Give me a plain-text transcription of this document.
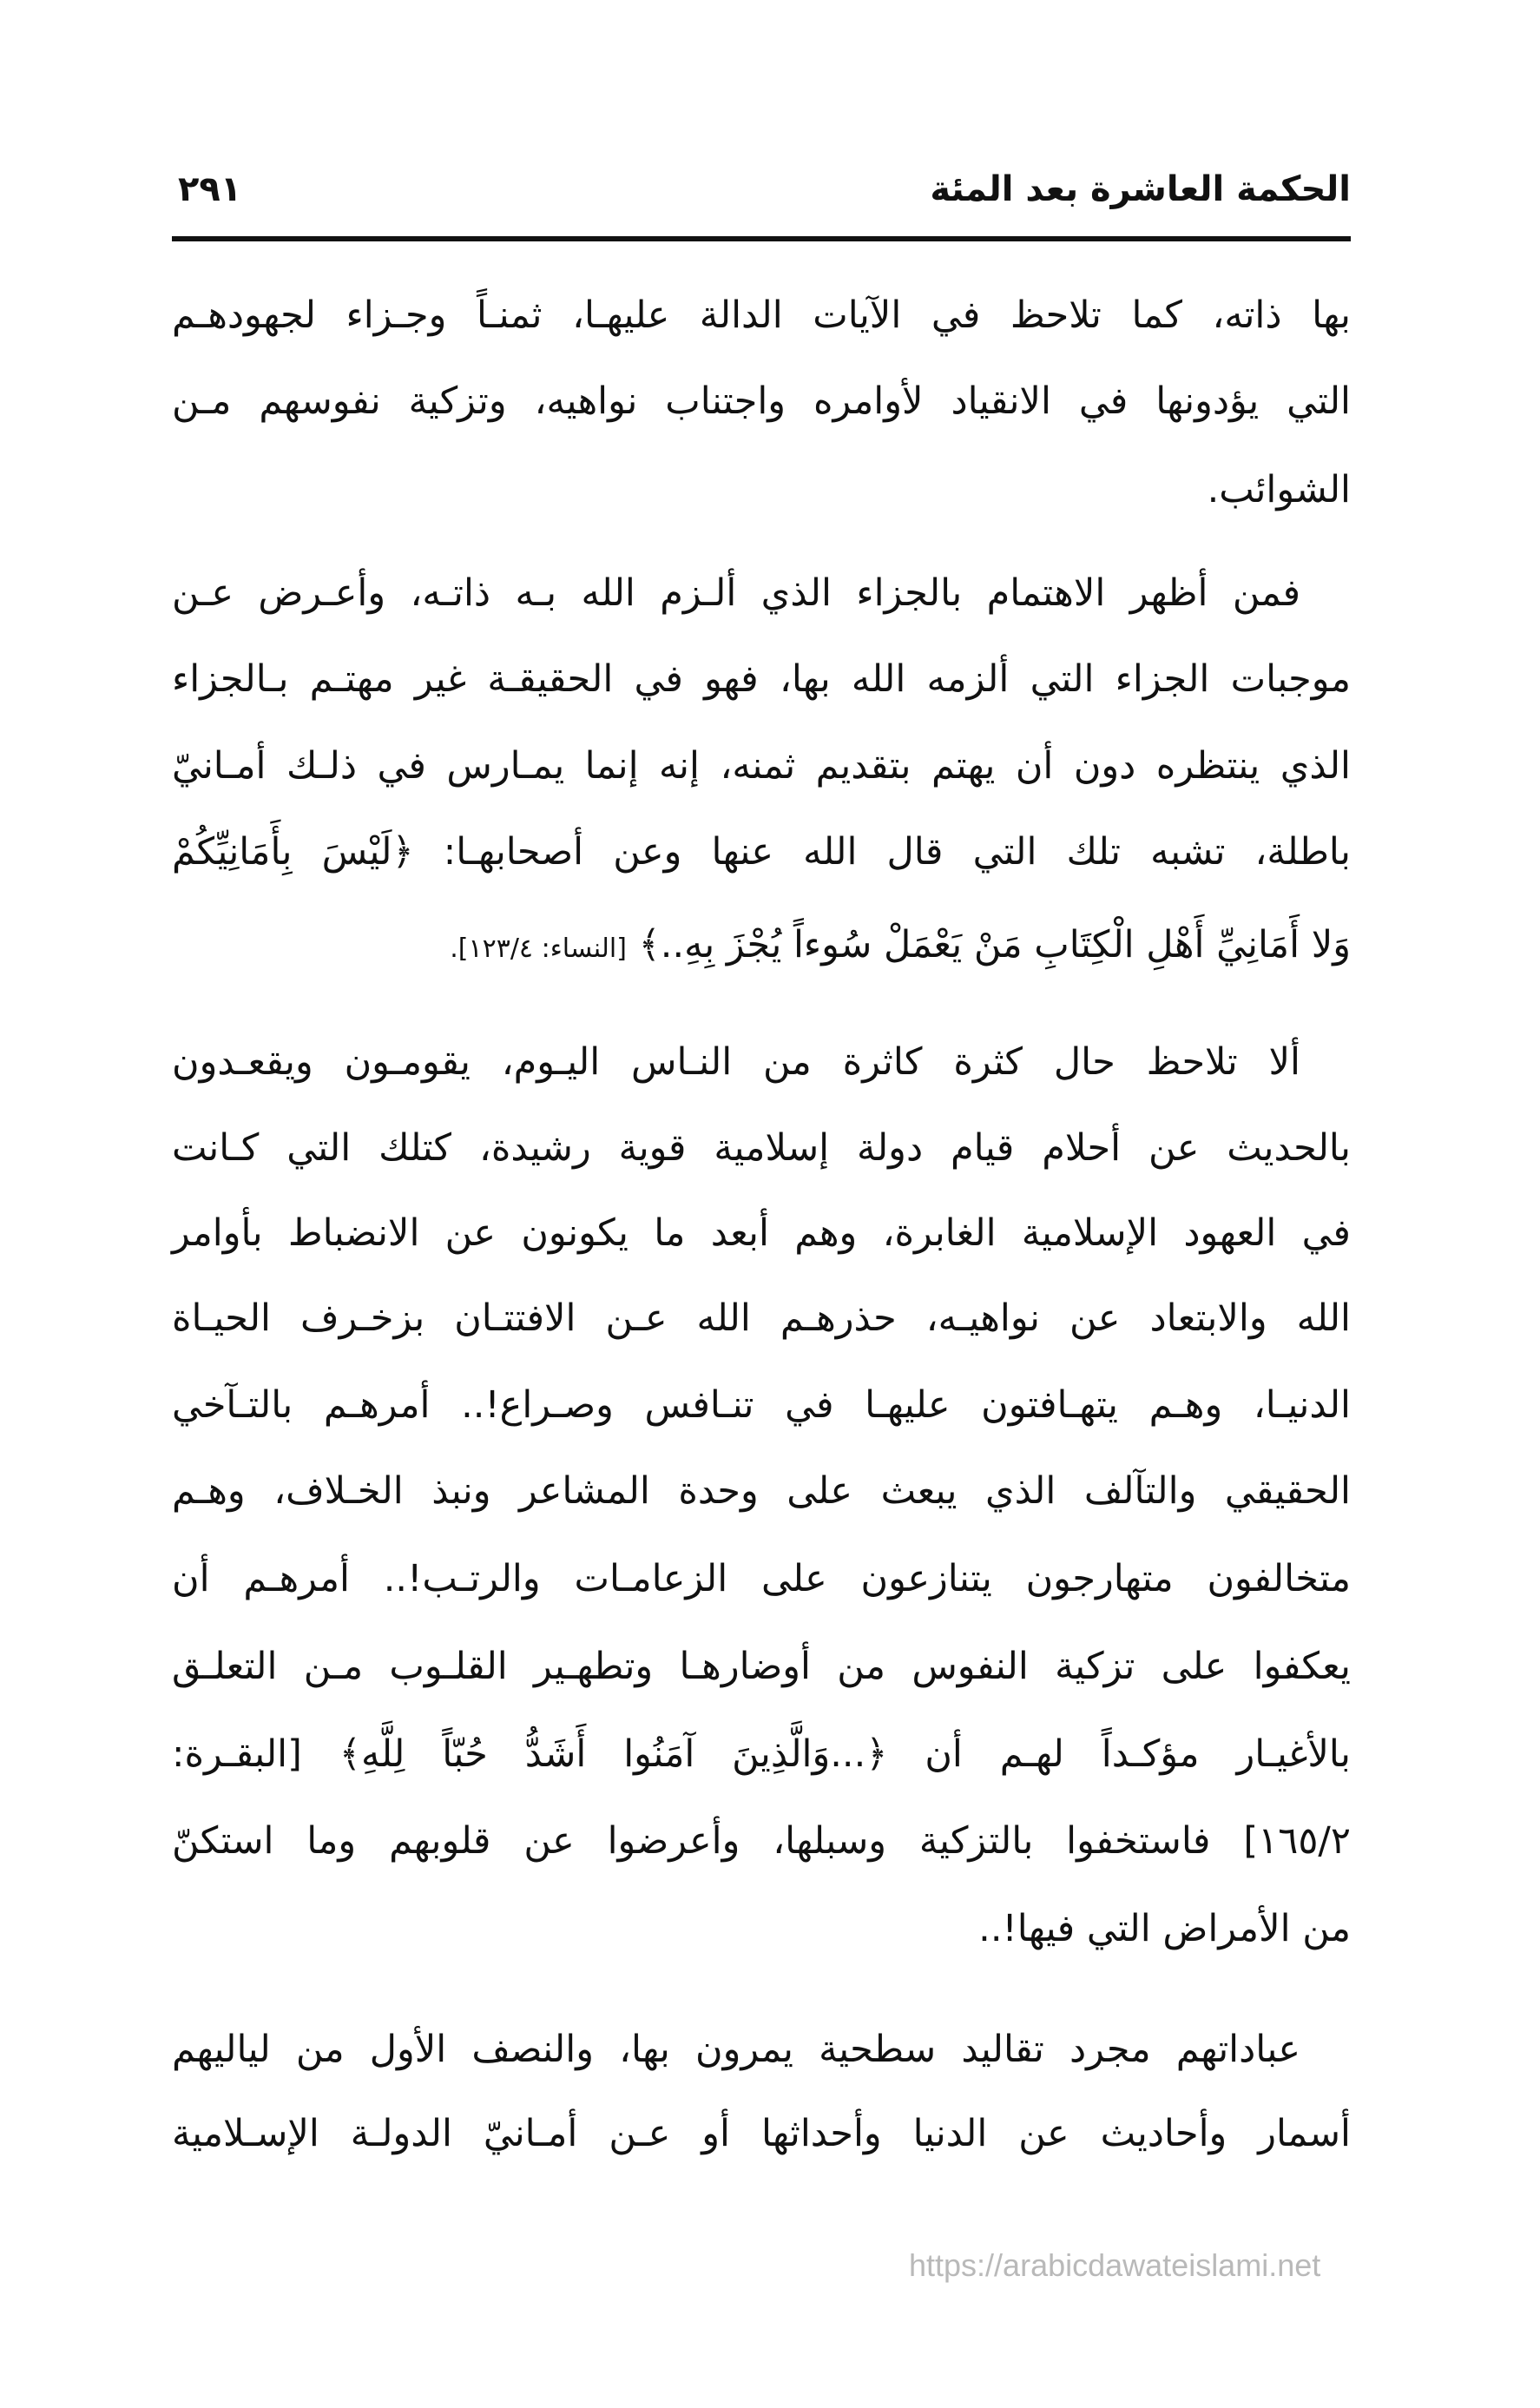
الحكمة العاشرة بعد المئة
٢٩١
بها ذاته، كما تلاحظ في الآيات الدالة عليهـا، ثمنـاً وجـزاء لجهودهـم
التي يؤدونها في الانقياد لأوامره واجتناب نواهيه، وتزكية نفوسهم مـن
الشوائب.
فمن أظهر الاهتمام بالجزاء الذي ألـزم الله بـه ذاتـه، وأعـرض عـن
موجبات الجزاء التي ألزمه الله بها، فهو في الحقيقـة غير مهتـم بـالجزاء
الذي ينتظره دون أن يهتم بتقديم ثمنه، إنه إنما يمـارس في ذلـك أمـانيّ
باطلة، تشبه تلك التي قال الله عنها وعن أصحابهـا: ﴿لَيْسَ بِأَمَانِيِّكُمْ
وَلا أَمَانِيِّ أَهْلِ الْكِتَابِ مَنْ يَعْمَلْ سُوءاً يُجْزَ بِهِ..﴾ [النساء: ١٢٣/٤].
ألا تلاحظ حال كثرة كاثرة من النـاس اليـوم، يقومـون ويقعـدون
بالحديث عن أحلام قيام دولة إسلامية قوية رشيدة، كتلك التي كـانت
في العهود الإسلامية الغابرة، وهم أبعد ما يكونون عن الانضباط بأوامر
الله والابتعاد عن نواهيـه، حذرهـم الله عـن الافتتـان بزخـرف الحيـاة
الدنيـا، وهـم يتهـافتون عليهـا في تنـافس وصـراع!.. أمرهـم بالتـآخي
الحقيقي والتآلف الذي يبعث على وحدة المشاعر ونبذ الخـلاف، وهـم
متخالفون متهارجون يتنازعون على الزعامـات والرتـب!.. أمرهـم أن
يعكفوا على تزكية النفوس من أوضارهـا وتطهـير القلـوب مـن التعلـق
بالأغيـار مؤكـداً لهـم أن ﴿...وَالَّذِينَ آمَنُوا أَشَدُّ حُبّاً لِلَّهِ﴾ [البقـرة:
١٦٥/٢] فاستخفوا بالتزكية وسبلها، وأعرضوا عن قلوبهم وما استكنّ
من الأمراض التي فيها!..
عباداتهم مجرد تقاليد سطحية يمرون بها، والنصف الأول من لياليهم
أسمار وأحاديث عن الدنيا وأحداثها أو عـن أمـانيّ الدولـة الإسـلامية
https://arabicdawateislami.net
